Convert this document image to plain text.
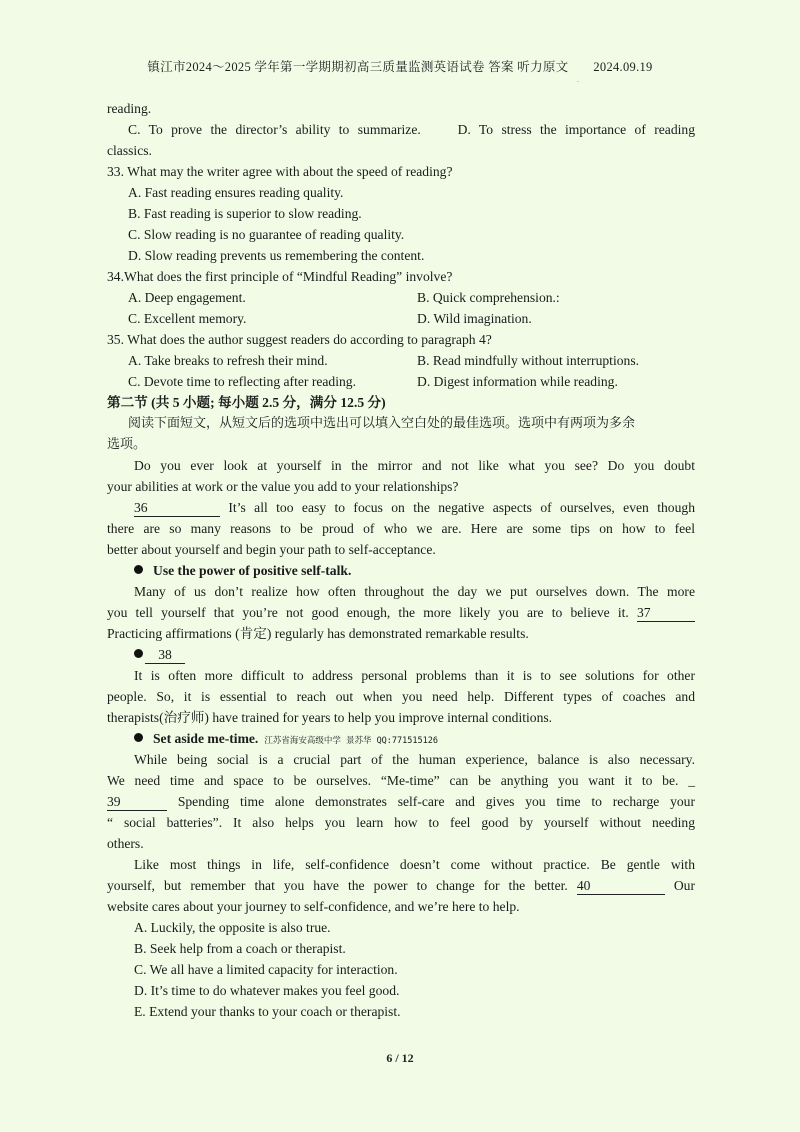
镇江市2024～2025 学年第一学期期初高三质量监测英语试卷 答案 听力原文 2024.09.19
.
reading.
C. To prove the director’s ability to summarize.	D. To stress the importance of reading
classics.
33. What may the writer agree with about the speed of reading?
A. Fast reading ensures reading quality.
B. Fast reading is superior to slow reading.
C. Slow reading is no guarantee of reading quality.
D. Slow reading prevents us remembering the content.
34.What does the first principle of “Mindful Reading” involve?
A. Deep engagement.	B. Quick comprehension.:
C. Excellent memory.	D. Wild imagination.
35. What does the author suggest readers do according to paragraph 4?
A. Take breaks to refresh their mind.	B. Read mindfully without interruptions.
C. Devote time to reflecting after reading.	D. Digest information while reading.
第二节 (共 5 小题; 每小题 2.5 分，满分 12.5 分)
阅读下面短文，从短文后的选项中选出可以填入空白处的最佳选项。选项中有两项为多余
选项。
Do you ever look at yourself in the mirror and not like what you see? Do you doubt
your abilities at work or the value you add to your relationships?
36	It’s all too easy to focus on the negative aspects of ourselves, even though
there are so many reasons to be proud of who we are. Here are some tips on how to feel
better about yourself and begin your path to self-acceptance.
Use the power of positive self-talk.
Many of us don’t realize how often throughout the day we put ourselves down. The more
you tell yourself that you’re not good enough, the more likely you are to believe it. 37
Practicing affirmations (肯定) regularly has demonstrated remarkable results.
38
It is often more difficult to address personal problems than it is to see solutions for other
people. So, it is essential to reach out when you need help. Different types of coaches and
therapists(治疗师) have trained for years to help you improve internal conditions.
Set aside me-time. 江苏省海安高级中学 景苏华 QQ:771515126
While being social is a crucial part of the human experience, balance is also necessary.
We need time and space to be ourselves. “Me-time” can be anything you want it to be. _
39	Spending time alone demonstrates self-care and gives you time to recharge your
“ social batteries”. It also helps you learn how to feel good by yourself without needing
others.
Like most things in life, self-confidence doesn’t come without practice. Be gentle with
yourself, but remember that you have the power to change for the better. 40	Our
website cares about your journey to self-confidence, and we’re here to help.
A. Luckily, the opposite is also true.
B. Seek help from a coach or therapist.
C. We all have a limited capacity for interaction.
D. It’s time to do whatever makes you feel good.
E. Extend your thanks to your coach or therapist.
6 / 12
